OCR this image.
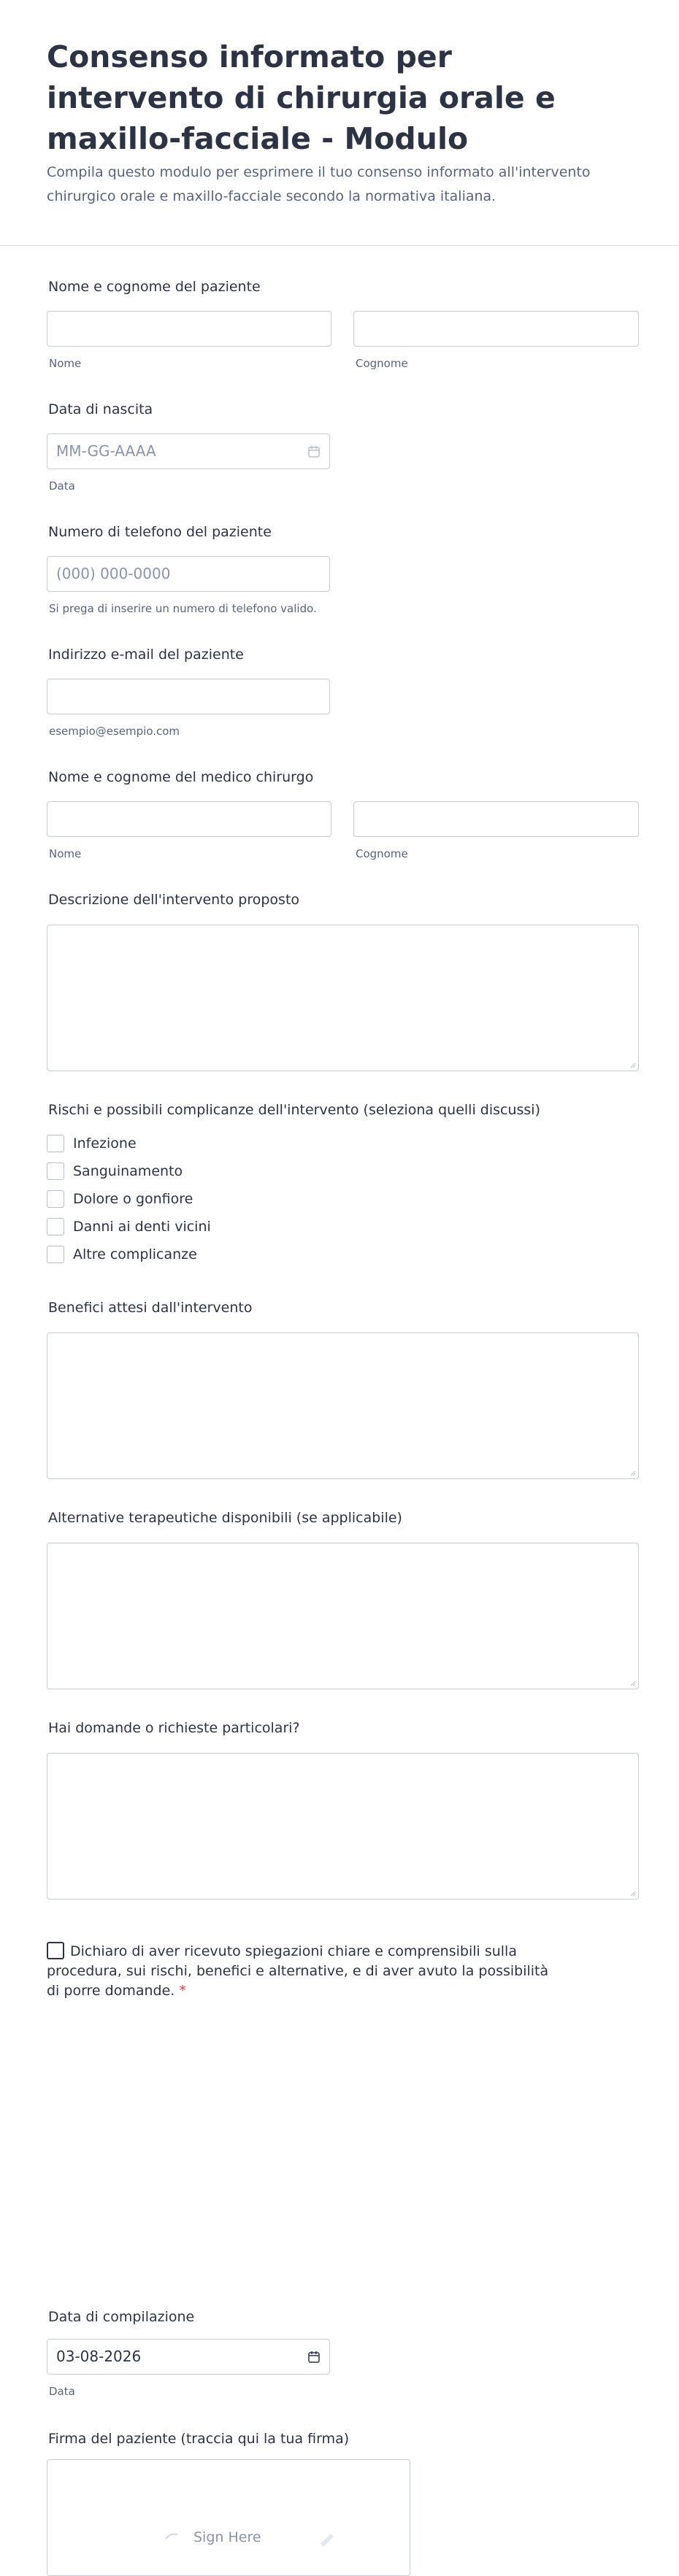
Consenso informato per intervento di chirurgia orale e maxillo-facciale - Modulo
Compila questo modulo per esprimere il tuo consenso informato all'intervento chirurgico orale e maxillo-facciale secondo la normativa italiana.
Nome e cognome del paziente
Nome	Cognome
Data di nascita
MM-GG-AAAA
Data
Numero di telefono del paziente
(000) 000-0000
Si prega di inserire un numero di telefono valido.
Indirizzo e-mail del paziente
esempio@esempio.com
Nome e cognome del medico chirurgo
Nome	Cognome
Descrizione dell'intervento proposto
Rischi e possibili complicanze dell'intervento (seleziona quelli discussi)
Infezione
Sanguinamento
Dolore o gonfiore
Danni ai denti vicini
Altre complicanze
Benefici attesi dall'intervento
Alternative terapeutiche disponibili (se applicabile)
Hai domande o richieste particolari?
Dichiaro di aver ricevuto spiegazioni chiare e comprensibili sulla procedura, sui rischi, benefici e alternative, e di aver avuto la possibilità di porre domande. *
Data di compilazione
03-08-2026
Data
Firma del paziente (traccia qui la tua firma)
Sign Here
